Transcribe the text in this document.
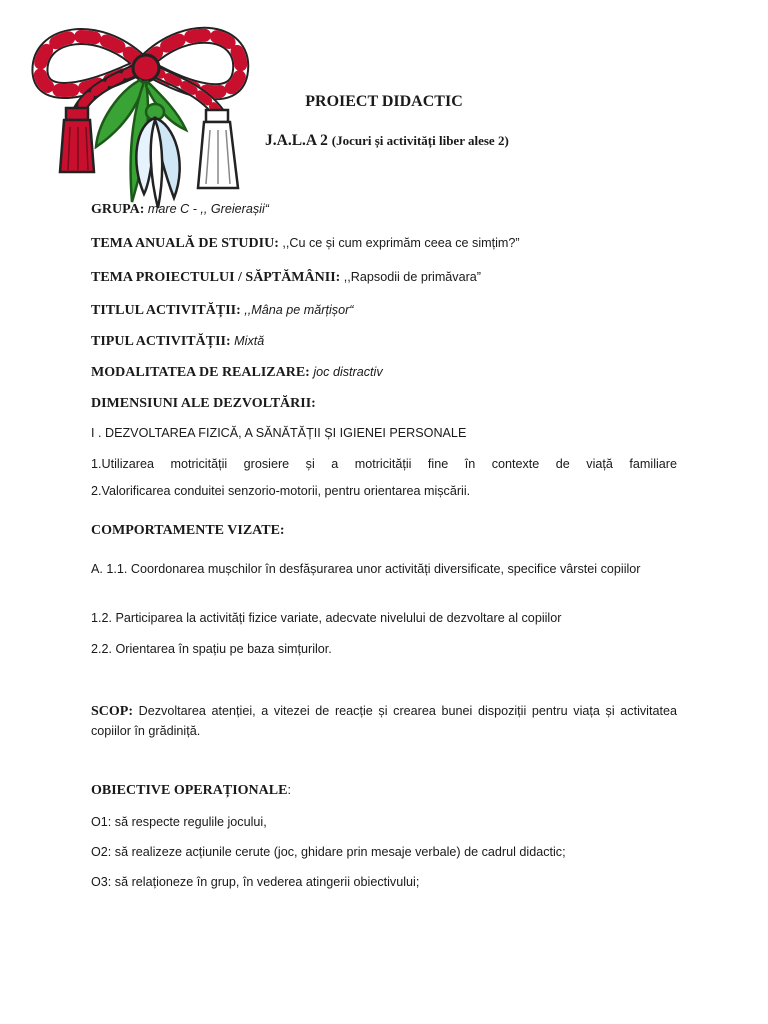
PROIECT DIDACTIC
J.A.L.A 2 (Jocuri și activități liber alese 2)
GRUPA: mare C - ,, Greierașii“
TEMA ANUALĂ DE STUDIU: ,,Cu ce și cum exprimăm ceea ce simțim?”
TEMA PROIECTULUI / SĂPTĂMÂNII: ,,Rapsodii de primăvara”
TITLUL ACTIVITĂȚII: ,,Mâna pe mărțișor“
TIPUL ACTIVITĂȚII: Mixtă
MODALITATEA DE REALIZARE: joc distractiv
DIMENSIUNI ALE DEZVOLTĂRII:
I . DEZVOLTAREA FIZICĂ, A SĂNĂTĂȚII ȘI IGIENEI PERSONALE
1.Utilizarea motricității grosiere și a motricității fine în contexte de viață familiare
2.Valorificarea conduitei senzorio-motorii, pentru orientarea mișcării.
COMPORTAMENTE VIZATE:
A. 1.1. Coordonarea mușchilor în desfășurarea unor activități diversificate, specifice vârstei copiilor
1.2. Participarea la activități fizice variate, adecvate nivelului de dezvoltare al copiilor
2.2. Orientarea în spațiu pe baza simțurilor.
SCOP: Dezvoltarea atenției, a vitezei de reacție și crearea bunei dispoziții pentru viața și activitatea copiilor în grădiniță.
OBIECTIVE OPERAȚIONALE:
O1: să respecte regulile jocului,
O2: să realizeze acțiunile cerute (joc, ghidare prin mesaje verbale) de cadrul didactic;
O3: să relaționeze în grup, în vederea atingerii obiectivului;
